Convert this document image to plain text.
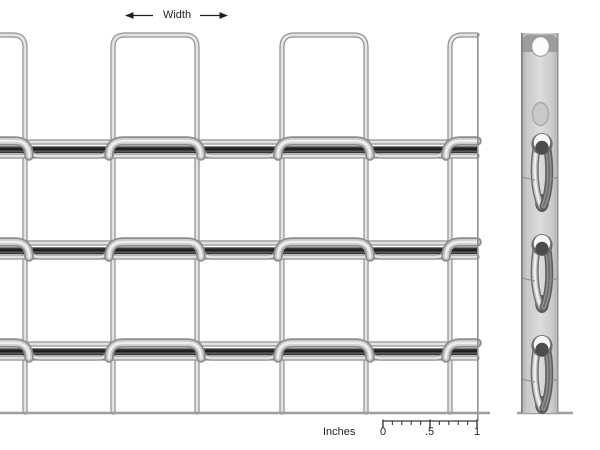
Width
Inches	0	.5	1
